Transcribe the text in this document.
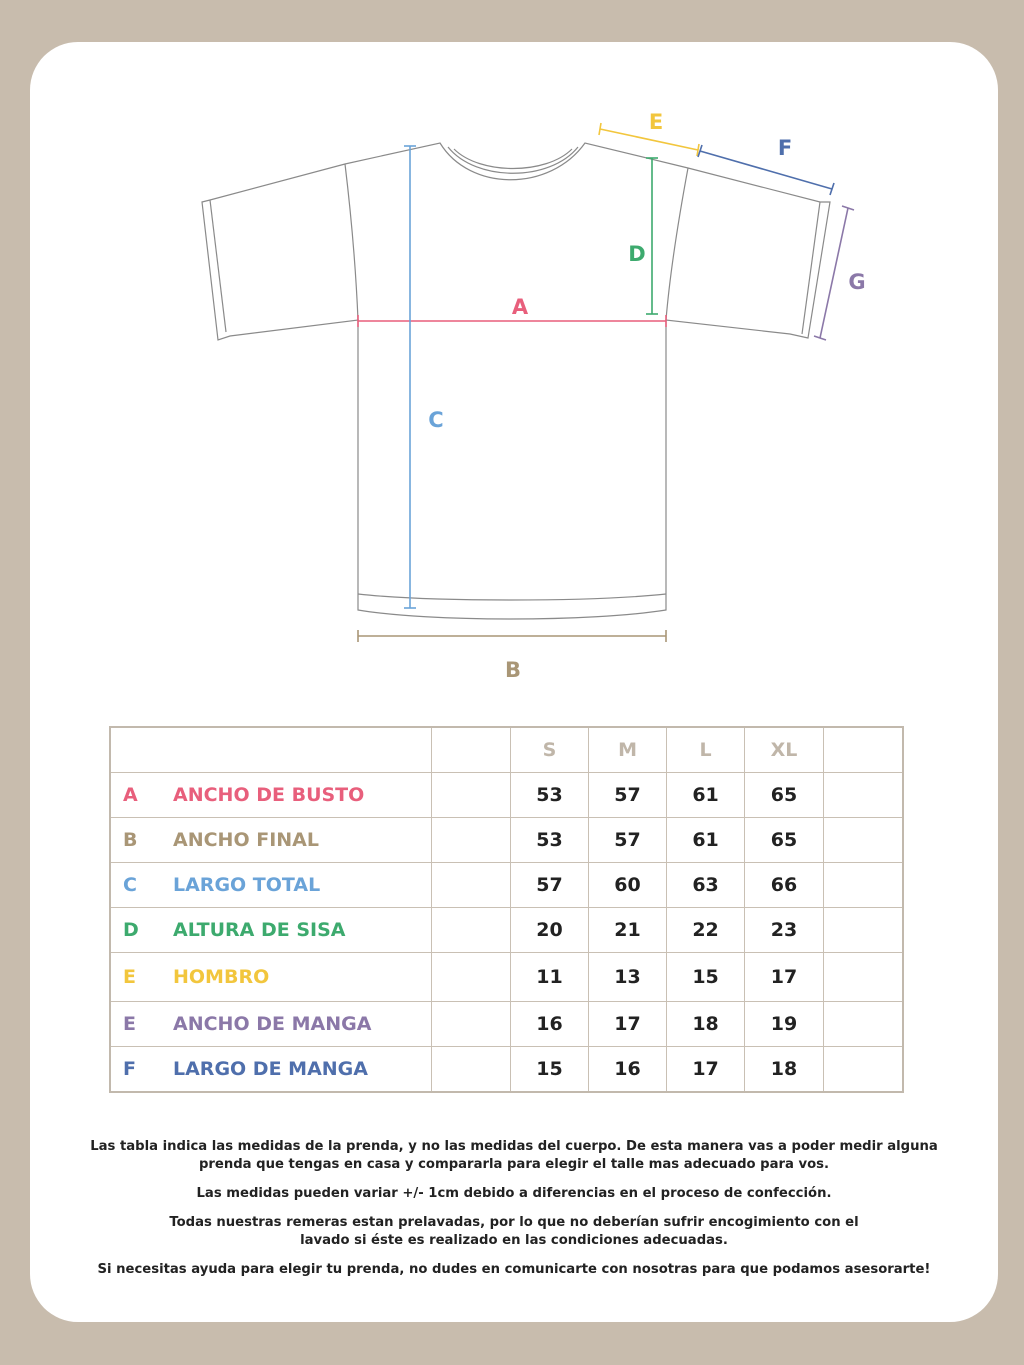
A
B
C
D
E
F
G
			S	M	L	XL	
A	ANCHO DE BUSTO		53	57	61	65	
B	ANCHO FINAL		53	57	61	65	
C	LARGO TOTAL		57	60	63	66	
D	ALTURA DE SISA		20	21	22	23	
E	HOMBRO		11	13	15	17	
E	ANCHO DE MANGA		16	17	18	19	
F	LARGO DE MANGA		15	16	17	18	

Las tabla indica las medidas de la prenda, y no las medidas del cuerpo. De esta manera vas a poder medir alguna prenda que tengas en casa y compararla para elegir el talle mas adecuado para vos.

Las medidas pueden variar +/- 1cm debido a diferencias en el proceso de confección.

Todas nuestras remeras estan prelavadas, por lo que no deberían sufrir encogimiento con el lavado si éste es realizado en las condiciones adecuadas.

Si necesitas ayuda para elegir tu prenda, no dudes en comunicarte con nosotras para que podamos asesorarte!
